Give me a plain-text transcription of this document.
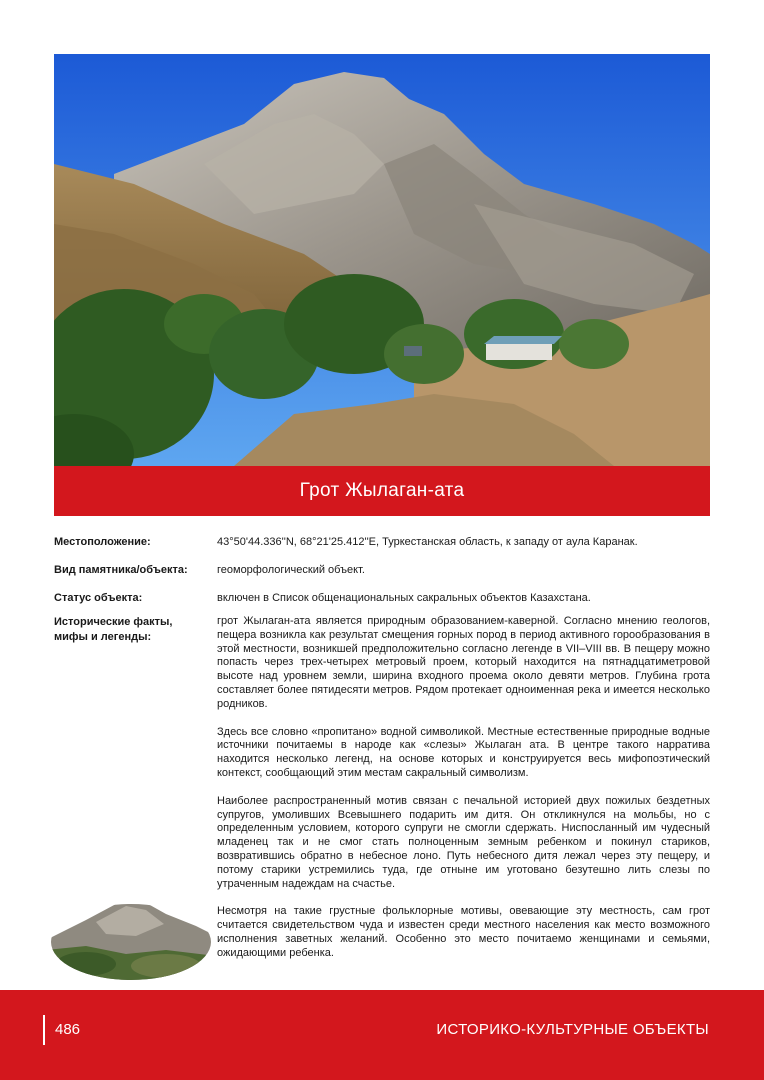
Грот Жылаган-ата
Местоположение:	43°50'44.336''N, 68°21'25.412''E, Туркестанская область, к западу от аула Каранак.
Вид памятника/объекта:	геоморфологический объект.
Статус объекта:	включен в Список общенациональных сакральных объектов Казахстана.
Исторические факты, мифы и легенды:

грот Жылаган-ата является природным образованием-каверной. Согласно мнению геологов, пещера возникла как результат смещения горных пород в период активного горообразования в этой местности, возникшей предположительно согласно легенде в VII–VIII вв. В пещеру можно попасть через трех-четырех метровый проем, который находится на пятнадцатиметровой высоте над уровнем земли, ширина входного проема около девяти метров. Глубина грота составляет более пятидесяти метров. Рядом протекает одноименная река и имеется несколько родников.

Здесь все словно «пропитано» водной символикой. Местные естественные природные водные источники почитаемы в народе как «слезы» Жылаган ата. В центре такого нарратива находится несколько легенд, на основе которых и конструируется весь мифопоэтический контекст, сообщающий этим местам сакральный символизм.

Наиболее распространенный мотив связан с печальной историей двух пожилых бездетных супругов, умоливших Всевышнего подарить им дитя. Он откликнулся на мольбы, но с определенным условием, которого супруги не смогли сдержать. Ниспосланный им чудесный младенец так и не смог стать полноценным земным ребенком и покинул стариков, возвратившись обратно в небесное лоно. Путь небесного дитя лежал через эту пещеру, и потому старики устремились туда, где отныне им уготовано безутешно лить слезы по утраченным надеждам на счастье.

Несмотря на такие грустные фольклорные мотивы, овевающие эту местность, сам грот считается свидетельством чуда и известен среди местного населения как место возможного исполнения заветных желаний. Особенно это место почитаемо женщинами и семьями, ожидающими ребенка.

486	ИСТОРИКО-КУЛЬТУРНЫЕ ОБЪЕКТЫ
